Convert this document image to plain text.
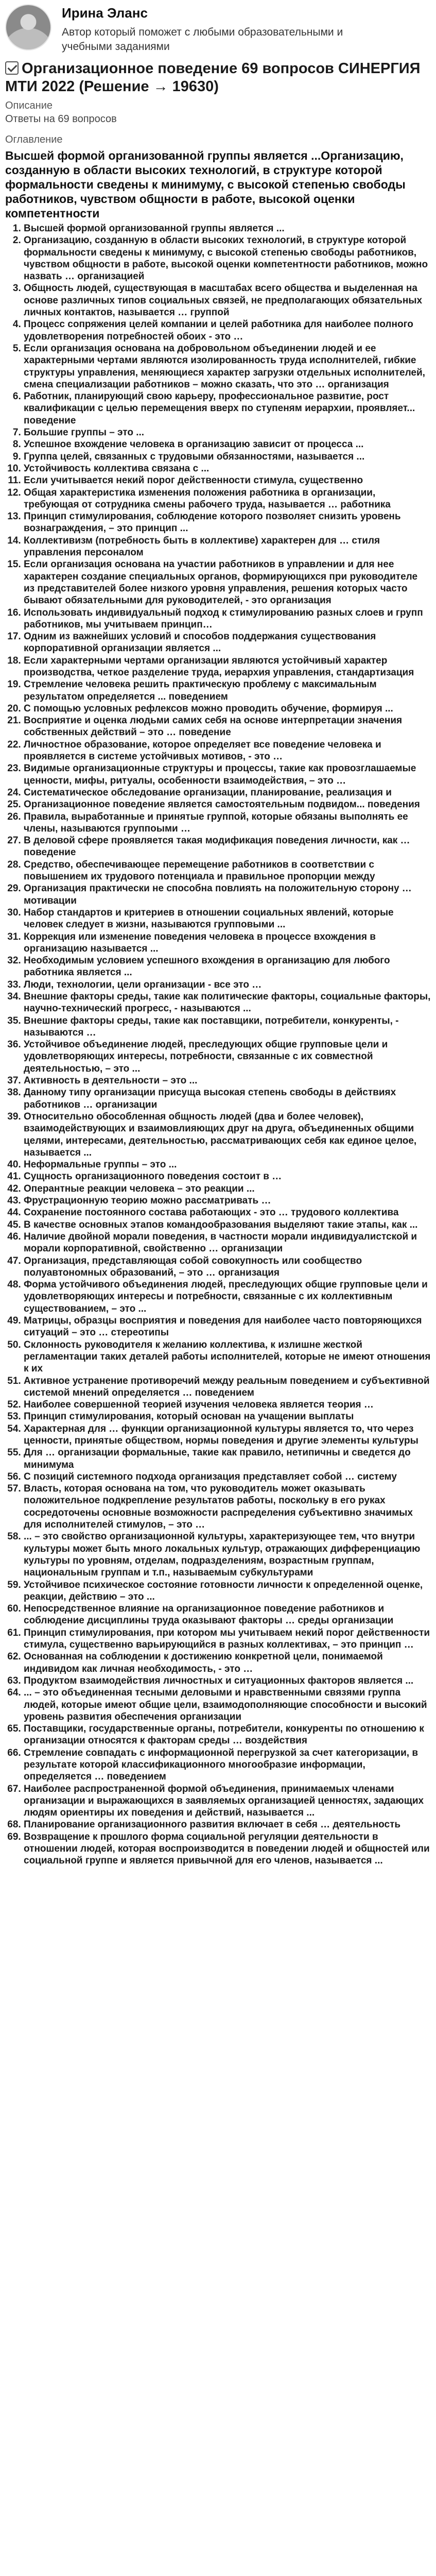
Ирина Эланс
Автор который поможет с любыми образовательными и учебными заданиями
Организационное поведение 69 вопросов СИНЕРГИЯ МТИ 2022 (Решение → 19630)
Описание
Ответы на 69 вопросов
Оглавление
Высшей формой организованной группы является ...Организацию, созданную в области высоких технологий, в структуре которой формальности сведены к минимуму, с высокой степенью свободы работников, чувством общности в работе, высокой оценки компетентности
1. Высшей формой организованной группы является ...
2. Организацию, созданную в области высоких технологий, в структуре которой формальности сведены к минимуму, с высокой степенью свободы работников, чувством общности в работе, высокой оценки компетентности работников, можно назвать … организацией
3. Общность людей, существующая в масштабах всего общества и выделенная на основе различных типов социальных связей, не предполагающих обязательных личных контактов, называется … группой
4. Процесс сопряжения целей компании и целей работника для наиболее полного удовлетворения потребностей обоих - это …
5. Если организация основана на добровольном объединении людей и ее характерными чертами являются изолированность труда исполнителей, гибкие структуры управления, меняющиеся характер загрузки отдельных исполнителей, смена специализации работников – можно сказать, что это … организация
6. Работник, планирующий свою карьеру, профессиональное развитие, рост квалификации с целью перемещения вверх по ступеням иерархии, проявляет... поведение
7. Большие группы – это ...
8. Успешное вхождение человека в организацию зависит от процесса ...
9. Группа целей, связанных с трудовыми обязанностями, называется ...
10. Устойчивость коллектива связана с ...
11. Если учитывается некий порог действенности стимула, существенно
12. Общая характеристика изменения положения работника в организации, требующая от сотрудника смены рабочего труда, называется … работника
13. Принцип стимулирования, соблюдение которого позволяет снизить уровень вознаграждения, – это принцип ...
14. Коллективизм (потребность быть в коллективе) характерен для … стиля управления персоналом
15. Если организация основана на участии работников в управлении и для нее характерен создание специальных органов, формирующихся при руководителе из представителей более низкого уровня управления, решения которых часто бывают обязательными для руководителей, - это организация
16. Использовать индивидуальный подход к стимулированию разных слоев и групп работников, мы учитываем принцип…
17. Одним из важнейших условий и способов поддержания существования корпоративной организации является ...
18. Если характерными чертами организации являются устойчивый характер производства, четкое разделение труда, иерархия управления, стандартизация
19. Стремление человека решить практическую проблему с максимальным результатом определяется ... поведением
20. С помощью условных рефлексов можно проводить обучение, формируя ...
21. Восприятие и оценка людьми самих себя на основе интерпретации значения собственных действий – это … поведение
22. Личностное образование, которое определяет все поведение человека и проявляется в системе устойчивых мотивов, - это …
23. Видимые организационные структуры и процессы, такие как провозглашаемые ценности, мифы, ритуалы, особенности взаимодействия, – это …
24. Систематическое обследование организации, планирование, реализация и
25. Организационное поведение является самостоятельным подвидом... поведения
26. Правила, выработанные и принятые группой, которые обязаны выполнять ее члены, называются группоыми …
27. В деловой сфере проявляется такая модификация поведения личности, как … поведение
28. Средство, обеспечивающее перемещение работников в соответствии с повышением их трудового потенциала и правильное пропорции между
29. Организация практически не способна повлиять на положительную сторону … мотивации
30. Набор стандартов и критериев в отношении социальных явлений, которые человек следует в жизни, называются групповыми ...
31. Коррекция или изменение поведения человека в процессе вхождения в организацию называется ...
32. Необходимым условием успешного вхождения в организацию для любого работника является ...
33. Люди, технологии, цели организации - все это …
34. Внешние факторы среды, такие как политические факторы, социальные факторы, научно-технический прогресс, - называются ...
35. Внешние факторы среды, такие как поставщики, потребители, конкуренты, - называются …
36. Устойчивое объединение людей, преследующих общие групповые цели и удовлетворяющих интересы, потребности, связанные с их совместной деятельностью, – это ...
37. Активность в деятельности – это ...
38. Данному типу организации присуща высокая степень свободы в действиях работников … организации
39. Относительно обособленная общность людей (два и более человек), взаимодействующих и взаимовлияющих друг на друга, объединенных общими целями, интересами, деятельностью, рассматривающих себя как единое целое, называется ...
40. Неформальные группы – это ...
41. Сущность организационного поведения состоит в …
42. Оперантные реакции человека – это реакции ...
43. Фрустрационную теорию можно рассматривать …
44. Сохранение постоянного состава работающих - это … трудового коллектива
45. В качестве основных этапов командообразования выделяют такие этапы, как ...
46. Наличие двойной морали поведения, в частности морали индивидуалистской и морали корпоративной, свойственно … организации
47. Организация, представляющая собой совокупность или сообщество полуавтономных образований, – это … организация
48. Форма устойчивого объединения людей, преследующих общие групповые цели и удовлетворяющих интересы и потребности, связанные с их коллективным существованием, – это ...
49. Матрицы, образцы восприятия и поведения для наиболее часто повторяющихся ситуаций – это … стереотипы
50. Склонность руководителя к желанию коллектива, к излишне жесткой регламентации таких деталей работы исполнителей, которые не имеют отношения к их
51. Активное устранение противоречий между реальным поведением и субъективной системой мнений определяется … поведением
52. Наиболее совершенной теорией изучения человека является теория …
53. Принцип стимулирования, который основан на учащении выплаты
54. Характерная для … функции организационной культуры является то, что через ценности, принятые обществом, нормы поведения и другие элементы культуры
55. Для … организации формальные, такие как правило, нетипичны и сведется до минимума
56. С позиций системного подхода организация представляет собой … систему
57. Власть, которая основана на том, что руководитель может оказывать положительное подкрепление результатов работы, поскольку в его руках сосредоточены основные возможности распределения субъективно значимых для исполнителей стимулов, – это …
58. ... – это свойство организационной культуры, характеризующее тем, что внутри культуры может быть много локальных культур, отражающих дифференциацию культуры по уровням, отделам, подразделениям, возрастным группам, национальным группам и т.п., называемым субкультурами
59. Устойчивое психическое состояние готовности личности к определенной оценке, реакции, действию – это ...
60. Непосредственное влияние на организационное поведение работников и соблюдение дисциплины труда оказывают факторы … среды организации
61. Принцип стимулирования, при котором мы учитываем некий порог действенности стимула, существенно варьирующийся в разных коллективах, – это принцип …
62. Основанная на соблюдении к достижению конкретной цели, понимаемой индивидом как личная необходимость, - это …
63. Продуктом взаимодействия личностных и ситуационных факторов является ...
64. ... – это объединенная тесными деловыми и нравственными связями группа людей, которые имеют общие цели, взаимодополняющие способности и высокий уровень развития обеспечения организации
65. Поставщики, государственные органы, потребители, конкуренты по отношению к организации относятся к факторам среды … воздействия
66. Стремление совпадать с информационной перегрузкой за счет категоризации, в результате которой классификационного многообразие информации, определяется … поведением
67. Наиболее распространенной формой объединения, принимаемых членами организации и выражающихся в заявляемых организацией ценностях, задающих людям ориентиры их поведения и действий, называется ...
68. Планирование организационного развития включает в себя … деятельность
69. Возвращение к прошлого форма социальной регуляции деятельности в отношении людей, которая воспроизводится в поведении людей и общностей или социальной группе и является привычной для его членов, называется ...
